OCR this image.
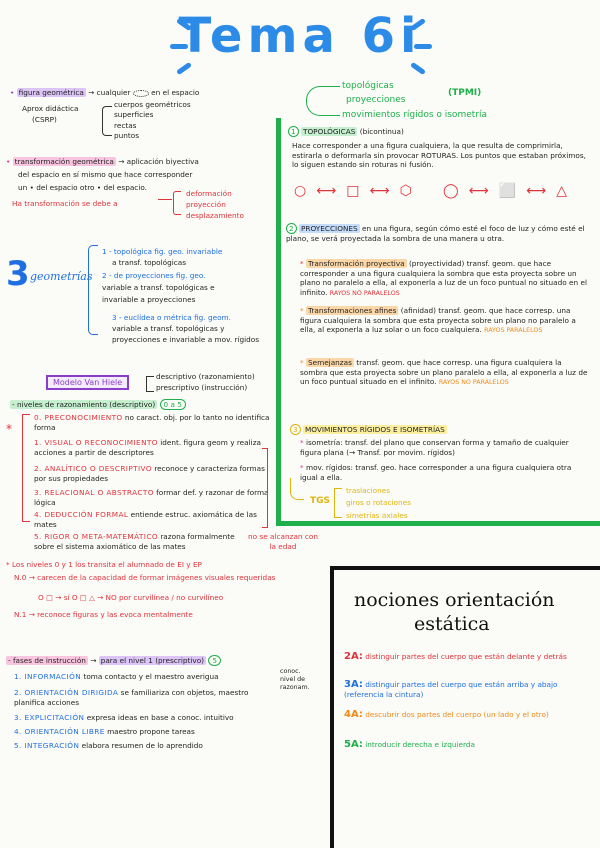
Tema 6i
• figura geométrica → cualquier	en el espacio
Aprox didáctica
(CSRP)
cuerpos geométricos
superficies
rectas
puntos
• transformación geométrica → aplicación biyectiva
del espacio en sí mismo que hace corresponder
un • del espacio otro • del espacio.
Ha transformación se debe a
deformación
proyección
desplazamiento
3 geometrías
1 - topológica fig. geo. invariable
a transf. topológicas
2 - de proyecciones fig. geo.
variable a transf. topológicas e
invariable a proyecciones
3 - euclídea o métrica fig. geom.
variable a transf. topológicas y
proyecciones e invariable a mov. rígidos
Modelo Van Hiele
descriptivo (razonamiento)
prescriptivo (instrucción)
- niveles de razonamiento (descriptivo) 0 a 5
*
0. PRECONOCIMIENTO no caract. obj. por lo tanto no identifica forma
1. VISUAL O RECONOCIMIENTO ident. figura geom y realiza acciones a partir de descriptores
2. ANALÍTICO O DESCRIPTIVO reconoce y caracteriza formas por sus propiedades
3. RELACIONAL O ABSTRACTO formar def. y razonar de forma lógica
4. DEDUCCIÓN FORMAL entiende estruc. axiomática de las mates
5. RIGOR O META-MATEMÁTICO razona formalmente sobre el sistema axiomático de las mates
no se alcanzan con la edad
* Los niveles 0 y 1 los transita el alumnado de EI y EP
N.0 → carecen de la capacidad de formar imágenes visuales requeridas
O □ → sí O □ △ → NO por curvilínea / no curvilíneo
N.1 → reconoce figuras y las evoca mentalmente
- fases de instrucción → para el nivel 1 (prescriptivo) 5
conoc. nivel de razonam.
1. INFORMACIÓN toma contacto y el maestro averigua
2. ORIENTACIÓN DIRIGIDA se familiariza con objetos, maestro planifica acciones
3. EXPLICITACIÓN expresa ideas en base a conoc. intuitivo
4. ORIENTACIÓN LIBRE maestro propone tareas
5. INTEGRACIÓN elabora resumen de lo aprendido
topológicas
proyecciones
movimientos rígidos o isometría
(TPMI)
1 TOPOLÓGICAS (bicontinua)
Hace corresponder a una figura cualquiera, la que resulta de comprimirla, estirarla o deformarla sin provocar ROTURAS. Los puntos que estaban próximos, lo siguen estando sin roturas ni fusión.
○ ⟷ □ ⟷ ⬡ ◯ ⟷ ⬜ ⟷ △
2 PROYECCIONES en una figura, según cómo esté el foco de luz y cómo esté el plano, se verá proyectada la sombra de una manera u otra.
* Transformación proyectiva (proyectividad) transf. geom. que hace corresponder a una figura cualquiera la sombra que esta proyecta sobre un plano no paralelo a ella, al exponerla a luz de un foco puntual no situado en el infinito. RAYOS NO PARALELOS
* Transformaciones afines (afinidad) transf. geom. que hace corresp. una figura cualquiera la sombra que esta proyecta sobre un plano no paralelo a ella, al exponerla a luz solar o un foco cualquiera. RAYOS PARALELOS
* Semejanzas transf. geom. que hace corresp. una figura cualquiera la sombra que esta proyecta sobre un plano paralelo a ella, al exponerla a luz de un foco puntual situado en el infinito. RAYOS NO PARALELOS
3 MOVIMIENTOS RÍGIDOS E ISOMETRÍAS
* isometría: transf. del plano que conservan forma y tamaño de cualquier figura plana (→ Transf. por movim. rígidos)
* mov. rígidos: transf. geo. hace corresponder a una figura cualquiera otra igual a ella.
TGS
traslaciones
giros o rotaciones
simetrías axiales
nociones orientación
estática
2A: distinguir partes del cuerpo que están delante y detrás
3A: distinguir partes del cuerpo que están arriba y abajo (referencia la cintura)
4A: descubrir dos partes del cuerpo (un lado y el otro)
5A: introducir derecha e izquierda
